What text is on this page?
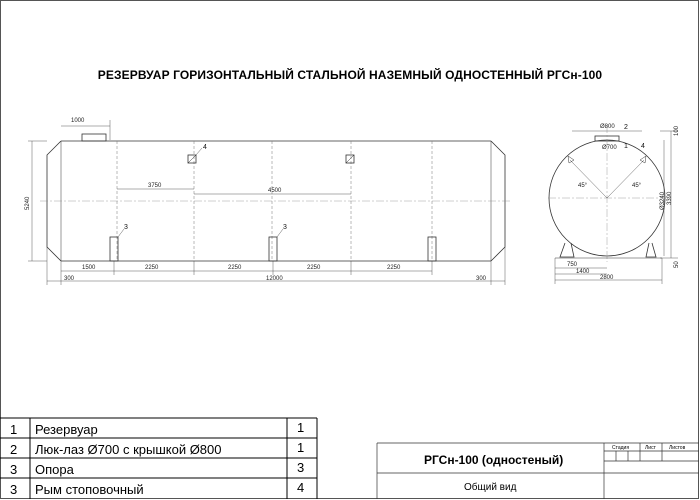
РЕЗЕРВУАР ГОРИЗОНТАЛЬНЫЙ СТАЛЬНОЙ НАЗЕМНЫЙ ОДНОСТЕННЫЙ РГСн-100
1000
3750
4500
5240
1500	2250	2250	2250	2250
300	12000	300
4
3	3
Ø800 2
Ø700 1 4
45°	45°
Ø3240 3390
100
50
750
1400
2800
1 Резервуар	1
2 Люк-лаз Ø700 с крышкой Ø800	1
3 Опора	3
3 Рым стоповочный	4
РГСн-100 (одностеный)
Общий вид
Стадия	Лист	Листов
